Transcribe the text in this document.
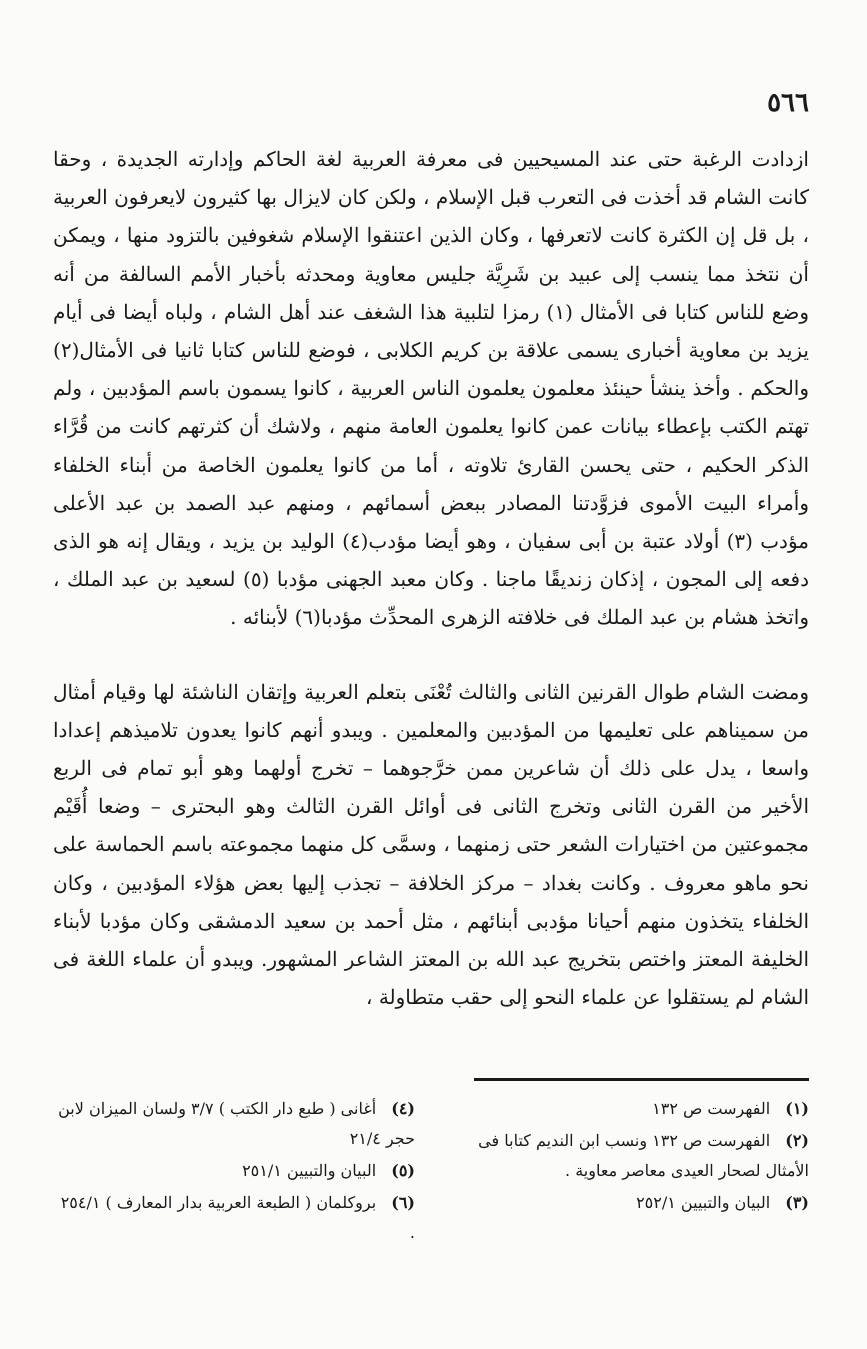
٥٦٦

ازدادت الرغبة حتى عند المسيحيين فى معرفة العربية لغة الحاكم وإدارته الجديدة ، وحقا كانت الشام قد أخذت فى التعرب قبل الإسلام ، ولكن كان لايزال بها كثيرون لايعرفون العربية ، بل قل إن الكثرة كانت لاتعرفها ، وكان الذين اعتنقوا الإسلام شغوفين بالتزود منها ، ويمكن أن نتخذ مما ينسب إلى عبيد بن شَرِيَّة جليس معاوية ومحدثه بأخبار الأمم السالفة من أنه وضع للناس كتابا فى الأمثال (١) رمزا لتلبية هذا الشغف عند أهل الشام ، ولباه أيضا فى أيام يزيد بن معاوية أخبارى يسمى علاقة بن كريم الكلابى ، فوضع للناس كتابا ثانيا فى الأمثال(٢) والحكم . وأخذ ينشأ حينئذ معلمون يعلمون الناس العربية ، كانوا يسمون باسم المؤدبين ، ولم تهتم الكتب بإعطاء بيانات عمن كانوا يعلمون العامة منهم ، ولاشك أن كثرتهم كانت من قُرَّاء الذكر الحكيم ، حتى يحسن القارئ تلاوته ، أما من كانوا يعلمون الخاصة من أبناء الخلفاء وأمراء البيت الأموى فزوَّدتنا المصادر ببعض أسمائهم ، ومنهم عبد الصمد بن عبد الأعلى مؤدب (٣) أولاد عتبة بن أبى سفيان ، وهو أيضا مؤدب(٤) الوليد بن يزيد ، ويقال إنه هو الذى دفعه إلى المجون ، إذكان زنديقًا ماجنا . وكان معبد الجهنى مؤدبا (٥) لسعيد بن عبد الملك ، واتخذ هشام بن عبد الملك فى خلافته الزهرى المحدِّث مؤدبا(٦) لأبنائه .

ومضت الشام طوال القرنين الثانى والثالث تُعْنَى بتعلم العربية وإتقان الناشئة لها وقيام أمثال من سميناهم على تعليمها من المؤدبين والمعلمين . ويبدو أنهم كانوا يعدون تلاميذهم إعدادا واسعا ، يدل على ذلك أن شاعرين ممن خرَّجوهما – تخرج أولهما وهو أبو تمام فى الربع الأخير من القرن الثانى وتخرج الثانى فى أوائل القرن الثالث وهو البحترى – وضعا أُقَيْم مجموعتين من اختيارات الشعر حتى زمنهما ، وسمَّى كل منهما مجموعته باسم الحماسة على نحو ماهو معروف . وكانت بغداد – مركز الخلافة – تجذب إليها بعض هؤلاء المؤدبين ، وكان الخلفاء يتخذون منهم أحيانا مؤدبى أبنائهم ، مثل أحمد بن سعيد الدمشقى وكان مؤدبا لأبناء الخليفة المعتز واختص بتخريج عبد الله بن المعتز الشاعر المشهور. ويبدو أن علماء اللغة فى الشام لم يستقلوا عن علماء النحو إلى حقب متطاولة ،

(١) الفهرست ص ١٣٢
(٢) الفهرست ص ١٣٢ ونسب ابن النديم كتابا فى الأمثال لصحار العيدى معاصر معاوية .
(٣) البيان والتبيين ٢٥٢/١
(٤) أغانى ( طبع دار الكتب ) ٣/٧ ولسان الميزان لابن حجر ٢١/٤
(٥) البيان والتبيين ٢٥١/١
(٦) بروكلمان ( الطبعة العربية بدار المعارف ) ٢٥٤/١ .
